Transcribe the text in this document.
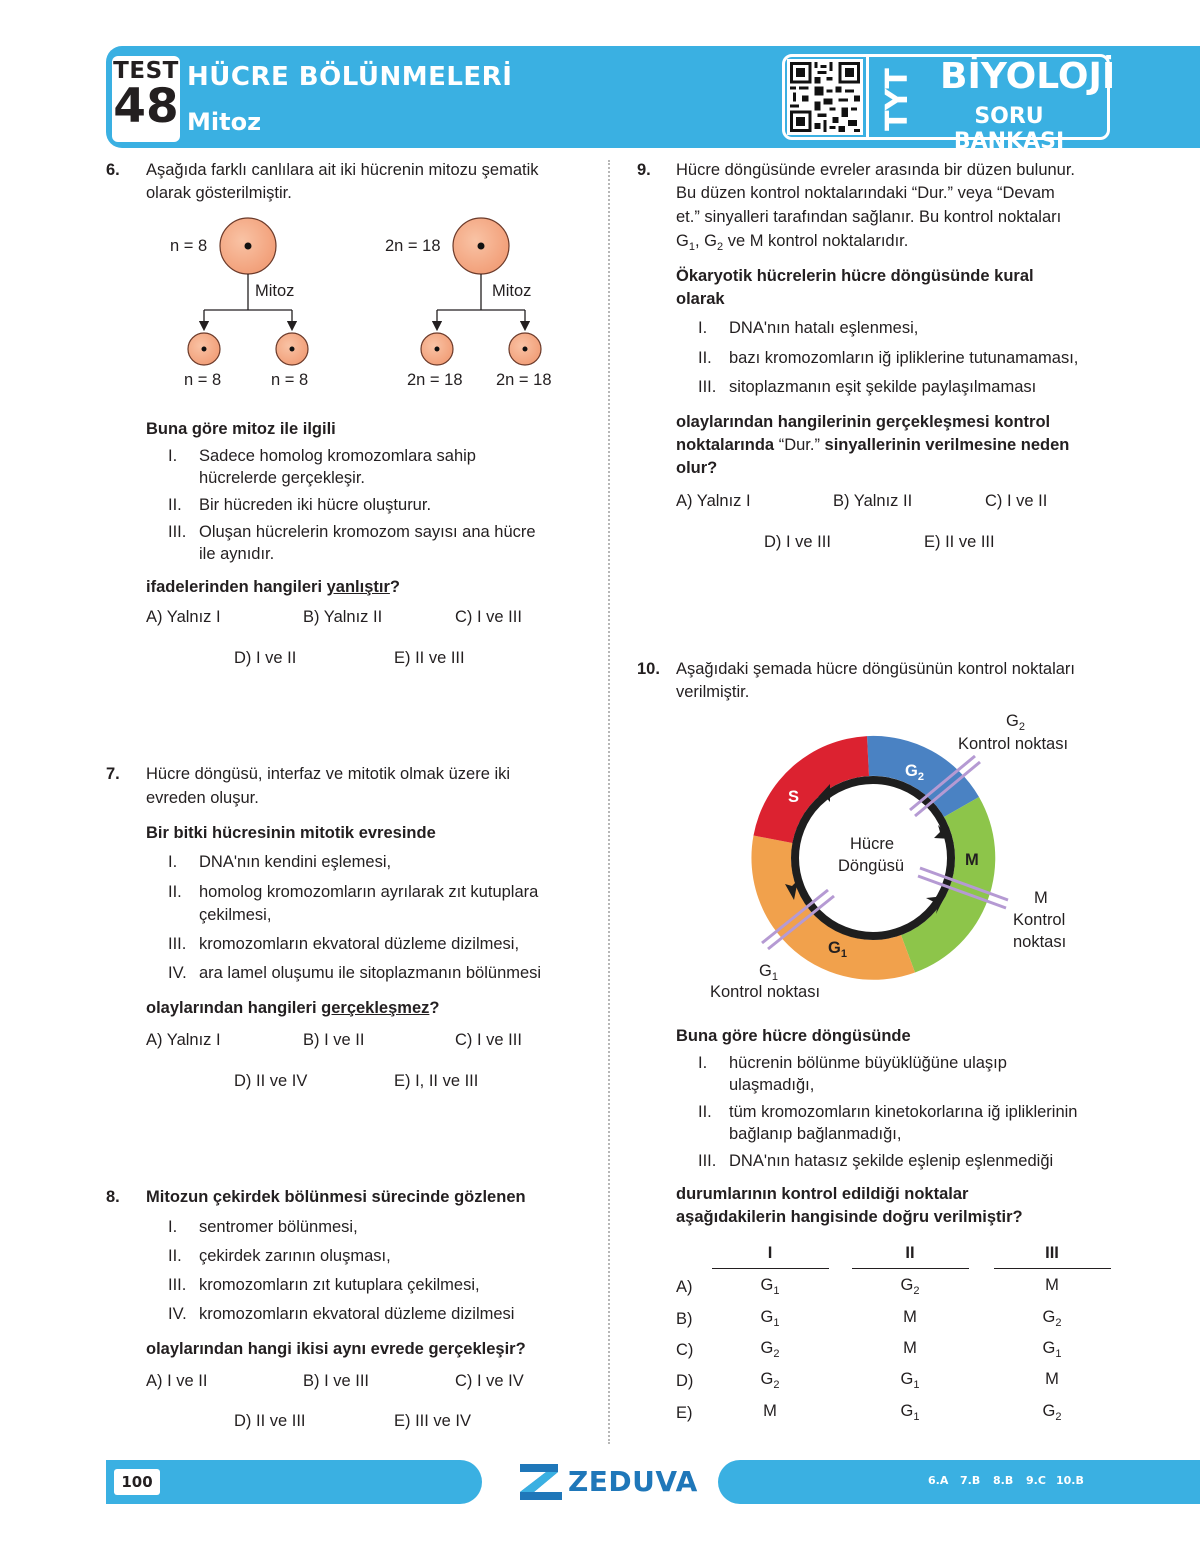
TEST
48
HÜCRE BÖLÜNMELERİ
Mitoz	TYT BİYOLOJİ
SORU BANKASI
6. Aşağıda farklı canlılara ait iki hücrenin mitozu şematik
olarak gösterilmiştir.
n = 8
Mitoz
n = 8	n = 8
2n = 18
Mitoz
2n = 18 2n = 18
Buna göre mitoz ile ilgili
I. Sadece homolog kromozomlara sahip
hücrelerde gerçekleşir.
II. Bir hücreden iki hücre oluşturur.
III. Oluşan hücrelerin kromozom sayısı ana hücre
ile aynıdır.
ifadelerinden hangileri yanlıştır?
A) Yalnız I	B) Yalnız II	C) I ve III
D) I ve II	E) II ve III
7. Hücre döngüsü, interfaz ve mitotik olmak üzere iki
evreden oluşur.
Bir bitki hücresinin mitotik evresinde
I. DNA'nın kendini eşlemesi,
II. homolog kromozomların ayrılarak zıt kutuplara
çekilmesi,
III. kromozomların ekvatoral düzleme dizilmesi,
IV. ara lamel oluşumu ile sitoplazmanın bölünmesi
olaylarından hangileri gerçekleşmez?
A) Yalnız I	B) I ve II	C) I ve III
D) II ve IV	E) I, II ve III
8. Mitozun çekirdek bölünmesi sürecinde gözlenen
I. sentromer bölünmesi,
II. çekirdek zarının oluşması,
III. kromozomların zıt kutuplara çekilmesi,
IV. kromozomların ekvatoral düzleme dizilmesi
olaylarından hangi ikisi aynı evrede gerçekleşir?
A) I ve II	B) I ve III	C) I ve IV
D) II ve III	E) III ve IV
9. Hücre döngüsünde evreler arasında bir düzen bulunur.
Bu düzen kontrol noktalarındaki “Dur.” veya “Devam
et.” sinyalleri tarafından sağlanır. Bu kontrol noktaları
$G_1$, $G_2$ ve M kontrol noktalarıdır.
Ökaryotik hücrelerin hücre döngüsünde kural
olarak
I. DNA'nın hatalı eşlenmesi,
II. bazı kromozomların iğ ipliklerine tutunamaması,
III. sitoplazmanın eşit şekilde paylaşılmaması
olaylarından hangilerinin gerçekleşmesi kontrol
noktalarında “Dur.” sinyallerinin verilmesine neden
olur?
A) Yalnız I	B) Yalnız II	C) I ve II
D) I ve III	E) II ve III
10. Aşağıdaki şemada hücre döngüsünün kontrol noktaları
verilmiştir.
Hücre
Döngüsü
S
$G_2$
M
$G_1$
$G_2$
Kontrol noktası
M
Kontrol
noktası
$G_1$
Kontrol noktası
Buna göre hücre döngüsünde
I. hücrenin bölünme büyüklüğüne ulaşıp
ulaşmadığı,
II. tüm kromozomların kinetokorlarına iğ ipliklerinin
bağlanıp bağlanmadığı,
III. DNA'nın hatasız şekilde eşlenip eşlenmediği
durumlarının kontrol edildiği noktalar
aşağıdakilerin hangisinde doğru verilmiştir?
I	II	III
A)	$G_1$	$G_2$	M
B)	$G_1$	M	$G_2$
C)	$G_2$	M	$G_1$
D)	$G_2$	$G_1$	M
E)	M	$G_1$	$G_2$
100	ZEDUVA	6.A 7.B 8.B 9.C 10.B
